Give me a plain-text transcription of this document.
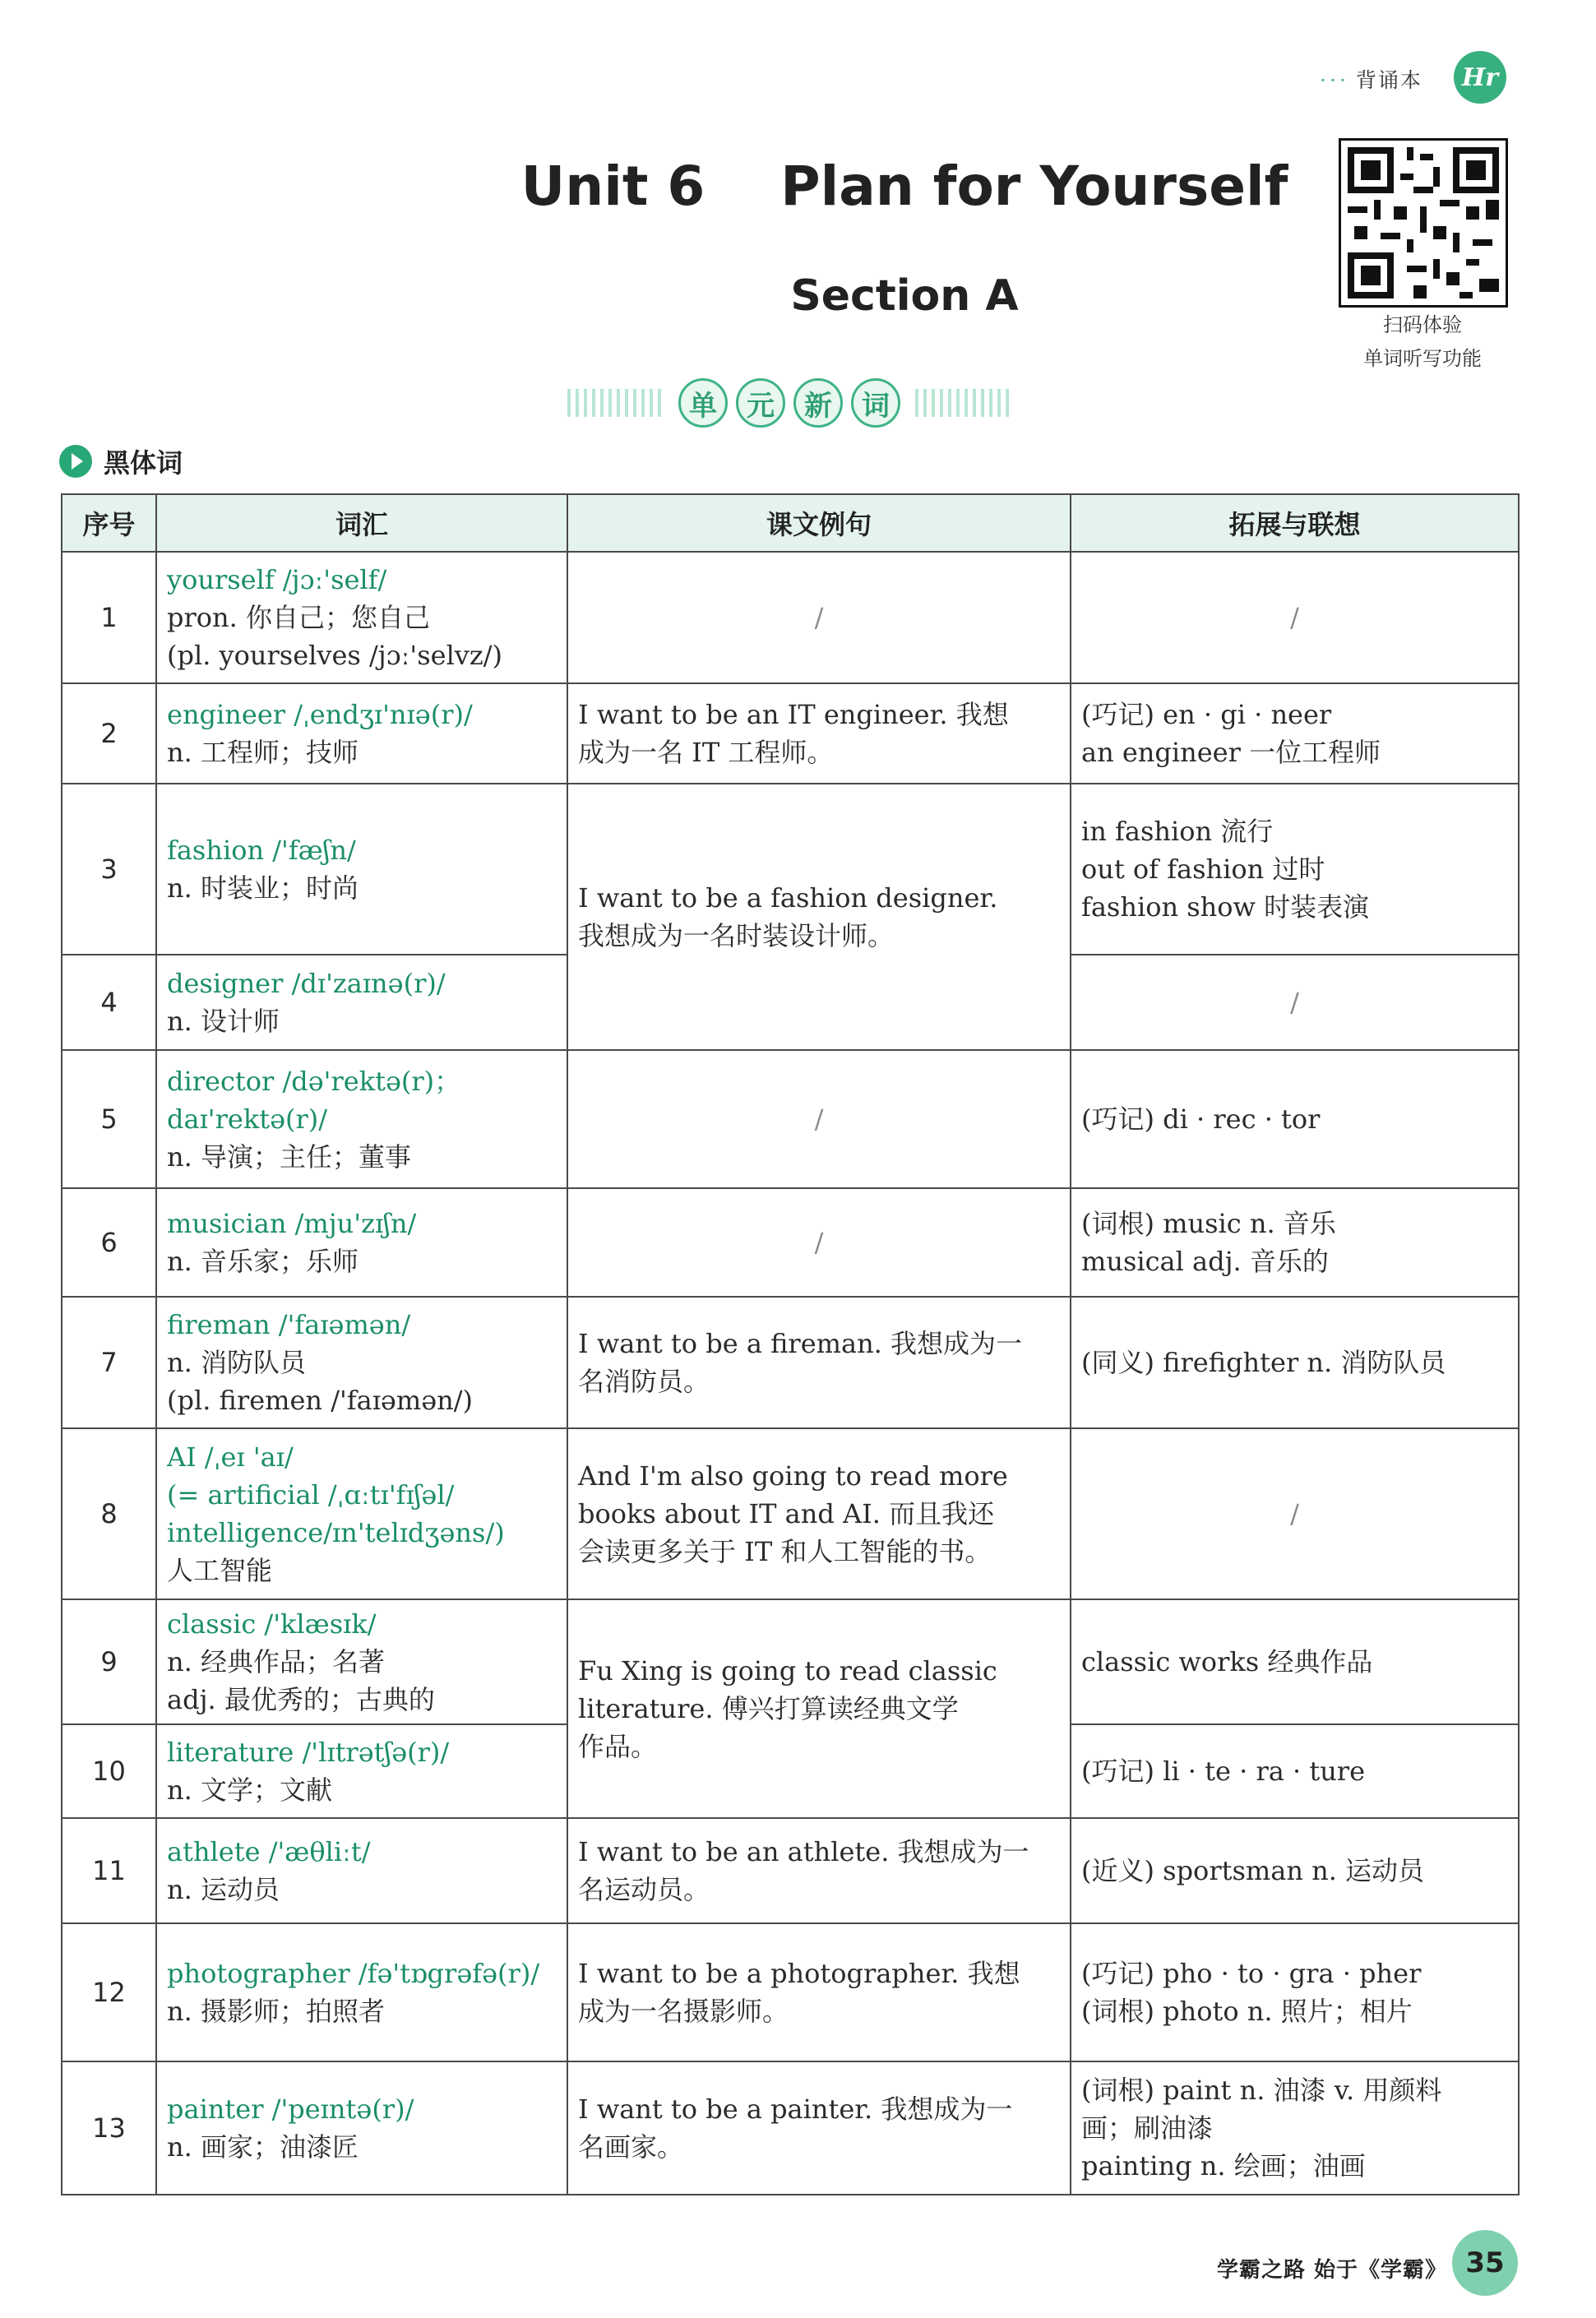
··· 背诵本	Hr
Unit 6 Plan for Yourself
Section A
扫码体验
单词听写功能
单	元	新	词
黑体词
序号	词汇	课文例句	拓展与联想
1	yourself /jɔː'self/
pron. 你自己；您自己
(pl. yourselves /jɔː'selvz/)	/	/
2	engineer /ˌendʒɪ'nɪə(r)/
n. 工程师；技师	I want to be an IT engineer. 我想
成为一名 IT 工程师。	(巧记) en · gi · neer
an engineer 一位工程师

3	fashion /'fæʃn/
n. 时装业；时尚	I want to be a fashion designer.
我想成为一名时装设计师。	in fashion 流行
out of fashion 过时
fashion show 时装表演

4	designer /dɪ'zaɪnə(r)/
n. 设计师		/
5	director /də'rektə(r)；
daɪ'rektə(r)/
n. 导演；主任；董事	/	(巧记) di · rec · tor

6	musician /mju'zɪʃn/
n. 音乐家；乐师	/	(词根) music n. 音乐
musical adj. 音乐的

7	fireman /'faɪəmən/
n. 消防队员
(pl. firemen /'faɪəmən/)	I want to be a fireman. 我想成为一
名消防员。	(同义) firefighter n. 消防队员

8	AI /ˌeɪ 'aɪ/
(= artificial /ˌɑːtɪ'fɪʃəl/
intelligence/ɪn'telɪdʒəns/)
人工智能	And I'm also going to read more
books about IT and AI. 而且我还
会读更多关于 IT 和人工智能的书。	/
9	classic /'klæsɪk/
n. 经典作品；名著
adj. 最优秀的；古典的	Fu Xing is going to read classic
literature. 傅兴打算读经典文学
作品。	classic works 经典作品

10	literature /'lɪtrətʃə(r)/
n. 文学；文献		(巧记) li · te · ra · ture

11	athlete /'æθliːt/
n. 运动员	I want to be an athlete. 我想成为一
名运动员。	(近义) sportsman n. 运动员

12	photographer /fə'tɒgrəfə(r)/
n. 摄影师；拍照者	I want to be a photographer. 我想
成为一名摄影师。	(巧记) pho · to · gra · pher
(词根) photo n. 照片；相片

13	painter /'peɪntə(r)/
n. 画家；油漆匠	I want to be a painter. 我想成为一
名画家。	(词根) paint n. 油漆 v. 用颜料
画；刷油漆
painting n. 绘画；油画
学霸之路 始于《学霸》 35
